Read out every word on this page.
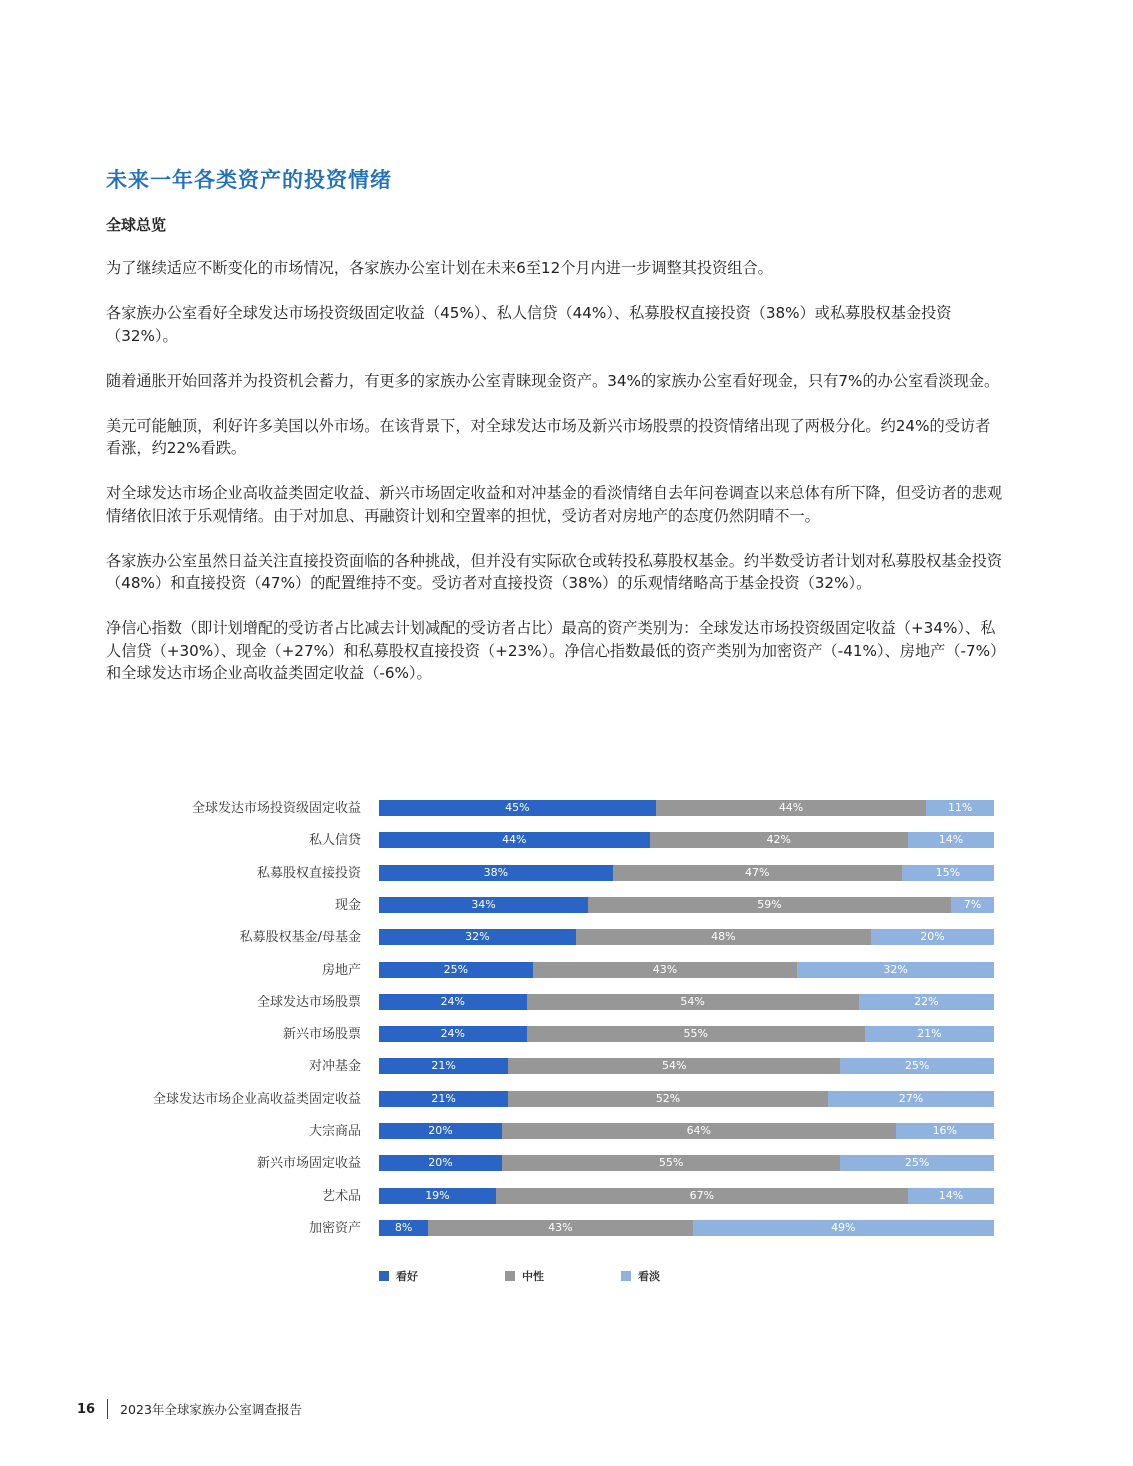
未来一年各类资产的投资情绪
全球总览

为了继续适应不断变化的市场情况，各家族办公室计划在未来6至12个月内进一步调整其投资组合。

各家族办公室看好全球发达市场投资级固定收益（45%）、私人信贷（44%）、私募股权直接投资（38%）或私募股权基金投资（32%）。

随着通胀开始回落并为投资机会蓄力，有更多的家族办公室青睐现金资产。34%的家族办公室看好现金，只有7%的办公室看淡现金。

美元可能触顶，利好许多美国以外市场。在该背景下，对全球发达市场及新兴市场股票的投资情绪出现了两极分化。约24%的受访者看涨，约22%看跌。

对全球发达市场企业高收益类固定收益、新兴市场固定收益和对冲基金的看淡情绪自去年问卷调查以来总体有所下降，但受访者的悲观情绪依旧浓于乐观情绪。由于对加息、再融资计划和空置率的担忧，受访者对房地产的态度仍然阴晴不一。

各家族办公室虽然日益关注直接投资面临的各种挑战，但并没有实际砍仓或转投私募股权基金。约半数受访者计划对私募股权基金投资（48%）和直接投资（47%）的配置维持不变。受访者对直接投资（38%）的乐观情绪略高于基金投资（32%）。

净信心指数（即计划增配的受访者占比减去计划减配的受访者占比）最高的资产类别为：全球发达市场投资级固定收益（+34%）、私人信贷（+30%）、现金（+27%）和私募股权直接投资（+23%）。净信心指数最低的资产类别为加密资产（-41%）、房地产（-7%）和全球发达市场企业高收益类固定收益（-6%）。

全球发达市场投资级固定收益	45%	44%	11%
私人信贷	44%	42%	14%
私募股权直接投资	38%	47%	15%
现金	34%	59%	7%
私募股权基金/母基金	32%	48%	20%
房地产	25%	43%	32%
全球发达市场股票	24%	54%	22%
新兴市场股票	24%	55%	21%
对冲基金	21%	54%	25%
全球发达市场企业高收益类固定收益	21%	52%	27%
大宗商品	20%	64%	16%
新兴市场固定收益	20%	55%	25%
艺术品	19%	67%	14%
加密资产	8%	43%	49%
看好	中性	看淡
16 2023年全球家族办公室调查报告
